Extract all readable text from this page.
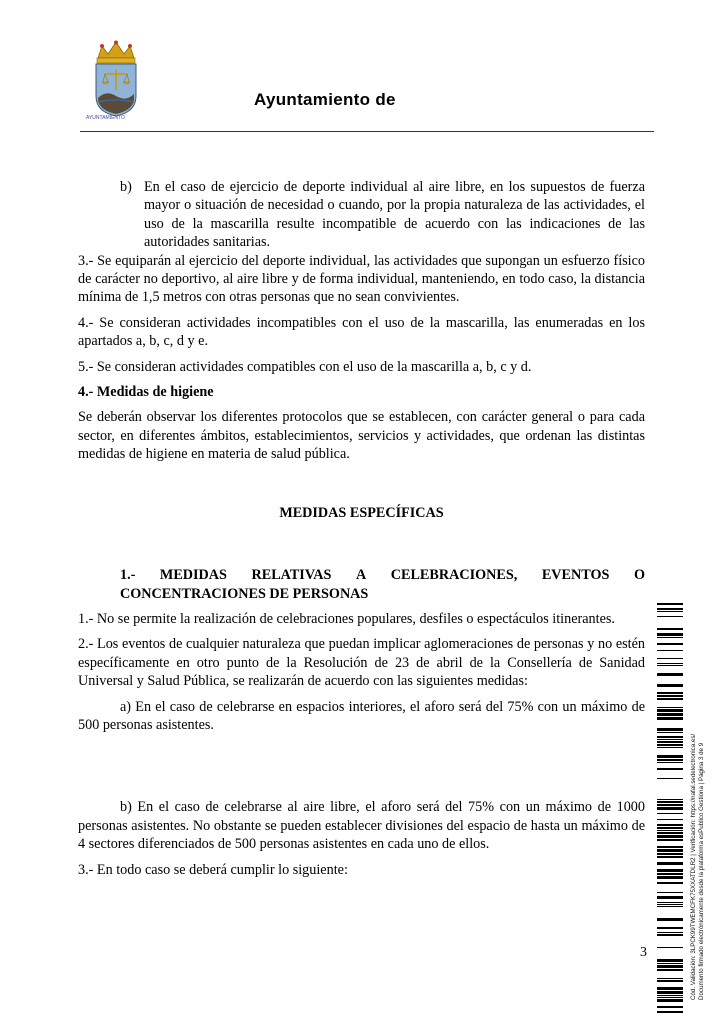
AYUNTAMIENTO
Ayuntamiento de
b) En el caso de ejercicio de deporte individual al aire libre, en los supuestos de fuerza mayor o situación de necesidad o cuando, por la propia naturaleza de las actividades, el uso de la mascarilla resulte incompatible de acuerdo con las indicaciones de las autoridades sanitarias.

3.- Se equiparán al ejercicio del deporte individual, las actividades que supongan un esfuerzo físico de carácter no deportivo, al aire libre y de forma individual, manteniendo, en todo caso, la distancia mínima de 1,5 metros con otras personas que no sean convivientes.

4.- Se consideran actividades incompatibles con el uso de la mascarilla, las enumeradas en los apartados a, b, c, d y e.

5.- Se consideran actividades compatibles con el uso de la mascarilla a, b, c y d.

4.- Medidas de higiene

Se deberán observar los diferentes protocolos que se establecen, con carácter general o para cada sector, en diferentes ámbitos, establecimientos, servicios y actividades, que ordenan las distintas medidas de higiene en materia de salud pública.

MEDIDAS ESPECÍFICAS

1.- MEDIDAS RELATIVAS A CELEBRACIONES, EVENTOS O
CONCENTRACIONES DE PERSONAS

1.- No se permite la realización de celebraciones populares, desfiles o espectáculos itinerantes.

2.- Los eventos de cualquier naturaleza que puedan implicar aglomeraciones de personas y no estén específicamente en otro punto de la Resolución de 23 de abril de la Consellería de Sanidad Universal y Salud Pública, se realizarán de acuerdo con las siguientes medidas:

a) En el caso de celebrarse en espacios interiores, el aforo será del 75% con un máximo de 500 personas asistentes.

b) En el caso de celebrarse al aire libre, el aforo será del 75% con un máximo de 1000 personas asistentes. No obstante se pueden establecer divisiones del espacio de hasta un máximo de 4 sectores diferenciados de 500 personas asistentes en cada uno de ellos.

3.- En todo caso se deberá cumplir lo siguiente:

3	Cód. Validación: 3LPCK99TWEMCFK75XXATDLR2 | Verificación: https://nafal.sedelectronica.es/ Documento firmado electrónicamente desde la plataforma esPublico Gestiona | Página 3 de 9
